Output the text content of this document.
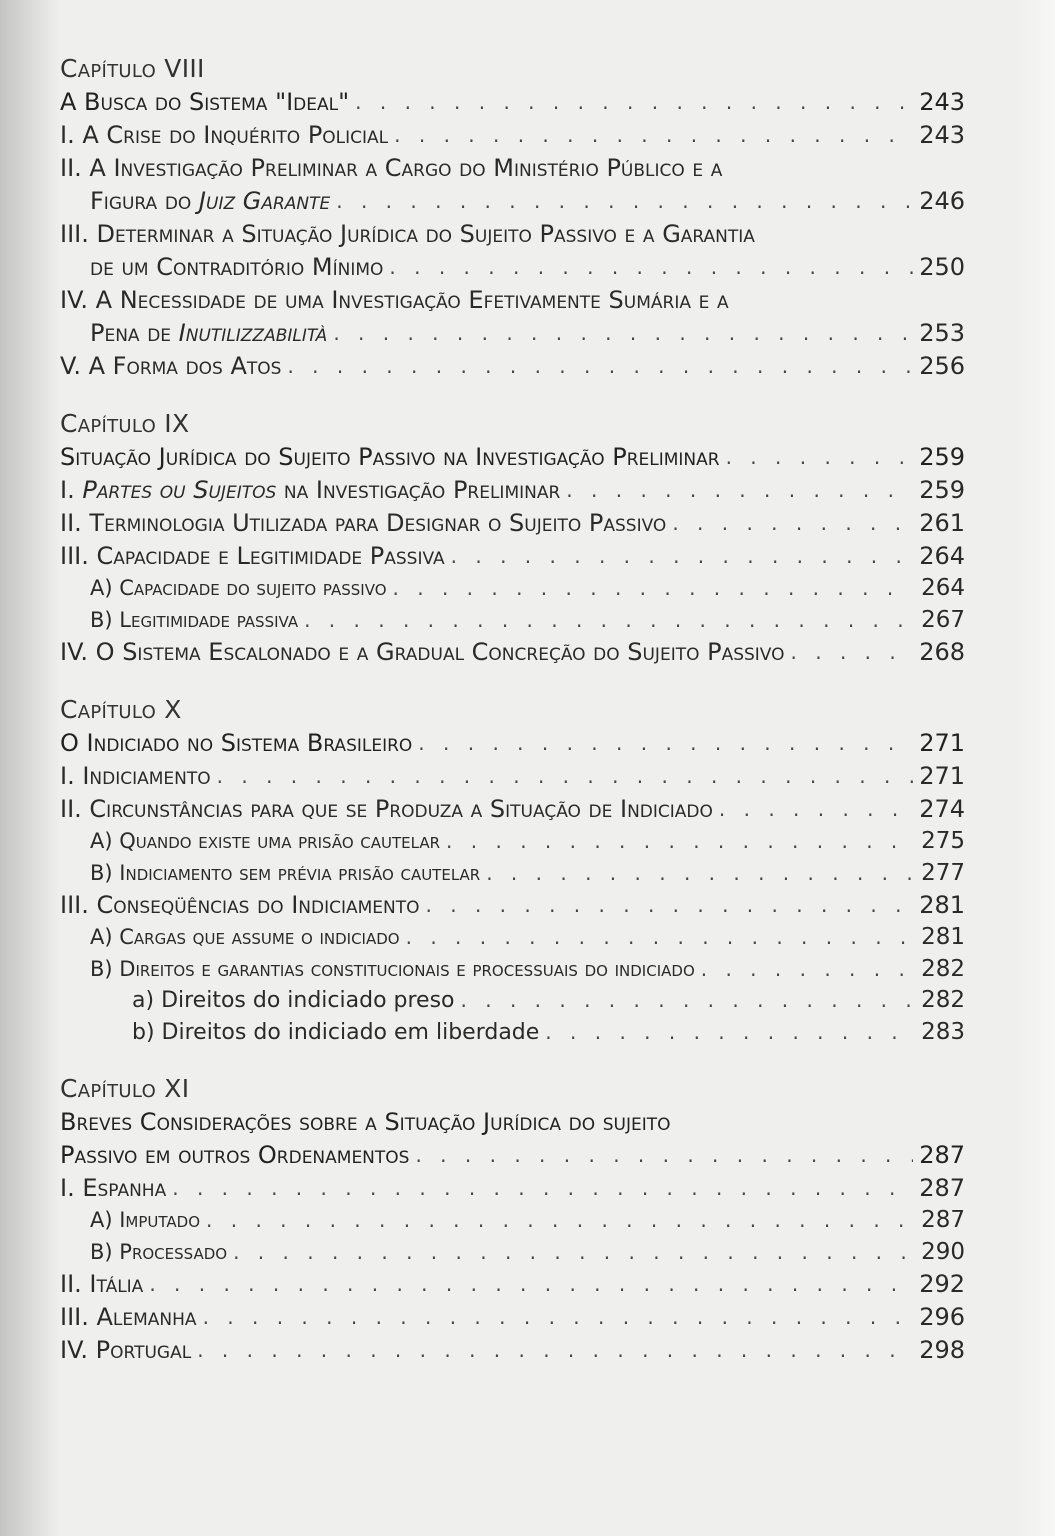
Capítulo VIII
A Busca do Sistema "Ideal" . . .	243
I. A Crise do Inquérito Policial . . .	243
II. A Investigação Preliminar a Cargo do Ministério Público e a
Figura do Juiz Garante . . .	246
III. Determinar a Situação Jurídica do Sujeito Passivo e a Garantia
de um Contraditório Mínimo . . .	250
IV. A Necessidade de uma Investigação Efetivamente Sumária e a
Pena de Inutilizzabilità . . .	253
V. A Forma dos Atos . . .	256
Capítulo IX
Situação Jurídica do Sujeito Passivo na Investigação Preliminar . . .	259
I. Partes ou Sujeitos na Investigação Preliminar . . .	259
II. Terminologia Utilizada para Designar o Sujeito Passivo . . .	261
III. Capacidade e Legitimidade Passiva . . .	264
A) Capacidade do sujeito passivo . . .	264
B) Legitimidade passiva . . .	267
IV. O Sistema Escalonado e a Gradual Concreção do Sujeito Passivo . . .	268
Capítulo X
O Indiciado no Sistema Brasileiro . . .	271
I. Indiciamento . . .	271
II. Circunstâncias para que se Produza a Situação de Indiciado . . .	274
A) Quando existe uma prisão cautelar . . .	275
B) Indiciamento sem prévia prisão cautelar . . .	277
III. Conseqüências do Indiciamento . . .	281
A) Cargas que assume o indiciado . . .	281
B) Direitos e garantias constitucionais e processuais do indiciado . . .	282
a) Direitos do indiciado preso . . .	282
b) Direitos do indiciado em liberdade . . .	283
Capítulo XI
Breves Considerações sobre a Situação Jurídica do sujeito
Passivo em outros Ordenamentos . . .	287
I. Espanha . . .	287
A) Imputado . . .	287
B) Processado . . .	290
II. Itália . . .	292
III. Alemanha . . .	296
IV. Portugal . . .	298
